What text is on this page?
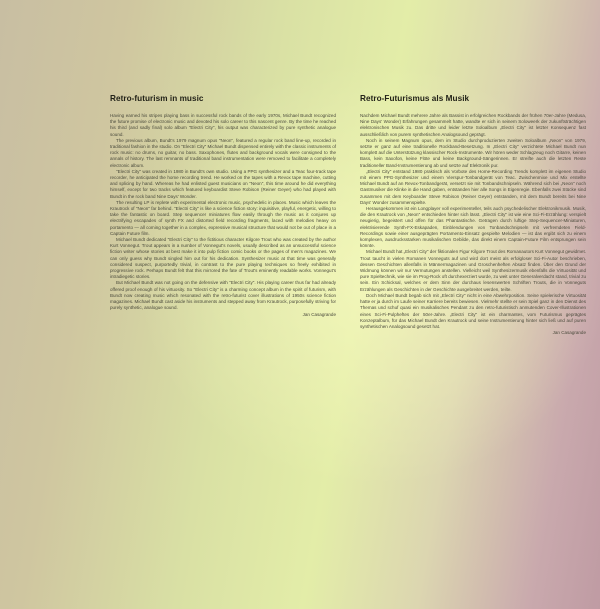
Retro-futurism in music

Having earned his stripes playing bass in successful rock bands of the early 1970s, Michael Bundt recognized the future promise of electronic music and devoted his solo career to this nascent genre. By the time he reached his third (and sadly final) solo album "Electri City", his output was characterized by pure synthetic analogue sound.

The previous album, Bundt's 1979 magnum opus "Neon", featured a regular rock band line-up, recorded in traditional fashion in the studio. On "Electri City" Michael Bundt dispensed entirely with the classic instruments of rock music: no drums, no guitar, no bass. Saxophones, flutes and background vocals were consigned to the annals of history. The last remnants of traditional band instrumentation were removed to facilitate a completely electronic album.

"Electri City" was created in 1980 in Bundt's own studio. Using a PPG synthesizer and a Teac four-track tape recorder, he anticipated the home recording trend. He worked on the tapes with a Revox tape machine, cutting and splicing by hand. Whereas he had enlisted guest musicians on "Neon", this time around he did everything himself, except for two tracks which featured keyboardist Steve Robison (Reiner Geyer) who had played with Bundt in the rock band Nine Days' Wonder.

The resulting LP is replete with experimental electronic music, psychedelic in places. Music which leaves the Krautrock of "Neon" far behind. "Electri City" is like a science fiction story: inquisitive, playful, energetic, willing to take the fantastic on board. Step sequencer miniatures flow easily through the music as it conjures up electrifying escapades of synth FX and distorted field recording fragments, laced with melodies heavy on portamento — all coming together in a complex, expressive musical structure that would not be out of place in a Captain Future film.

Michael Bundt dedicated "Electri City" to the fictitious character Kilgore Trout who was created by the author Kurt Vonnegut. Trout appears in a number of Vonnegut's novels, usually described as an unsuccessful science fiction writer whose stories at best make it into pulp fiction comic books or the pages of men's magazines. We can only guess why Bundt singled him out for his dedication. Synthesizer music at that time was generally considered suspect, purportedly trivial, in contrast to the pure playing techniques so freely exhibited in progressive rock. Perhaps Bundt felt that this mirrored the fate of Trout's eminently readable works. Vonnegut's intradiegetic stories.

But Michael Bundt was not going on the defensive with "Electri City". His playing career thus far had already offered proof enough of his virtuosity. So "Electri City" is a charming concept album in the spirit of futurism, with Bundt now creating music which resonated with the retro-futurist cover illustrations of 1950s science fiction magazines. Michael Bundt cast aside his instruments and stepped away from Krautrock, purposefully striving for purely synthetic, analogue sound.

Jan Casagrande
Retro-Futurismus als Musik

Nachdem Michael Bundt mehrere Jahre als Bassist in erfolgreichen Rockbands der frühen 70er-Jahre (Medusa, Nine Days' Wonder) Erfahrungen gesammelt hatte, wandte er sich in seinem Soloweerk der zukunftsträchtigen elektronischen Musik zu. Das dritte und leider letzte Soloalbum „Electri City" ist letzter Konsequenz fast ausschließlich von purem synthetischen Analogsound geprägt.

Noch in seinem Magnum opus, dem im Studio durchproduzierten zweiten Soloalbum „Neon" von 1979, setzte er ganz auf eine traditionelle Rockband-Besetzung. In „Electri City" verzichtete Michael Bundt nun komplett auf die Unterstützung klassischer Rock-Instrumente. Wir hören weder Schlagzeug noch Gitarre, keinen Bass, kein Saxofon, keine Flöte und keine Background-Sängerinnen. Er streifte auch die letzten Reste traditioneller Band-Instrumentierung ab und setzte auf Elektronik pur.

„Electri City" entstand 1980 praktisch als Vorbote des Home-Recording Trends komplett im eigenen Studio mit einem PPG-Synthesizer und einem Vierspur-Tonbandgerät von Teac. Zwischenmixe und Mix erstellte Michael Bundt auf an Revox-Tonbandgerät, versetzt sie mit Tonbandschnipseln. Während sich bei „Neon" noch Gastmusiker die Klinke in die Hand gaben, entstanden hier alle Songs in Eigenregie. Ebenfalls zwei Stücke sind zusammen mit dem Keyboarder Steve Robison (Reiner Geyer) entstanden, mit dem Bundt bereits bei Nine Days' Wonder zusammenspielte.

Herausgekommen ist ein Longplayer voll experimenteller, teils auch psychedelischer Elektronikmusik. Musik, die den Krautrock von „Neon" entschieden hinter sich lässt. „Electri City" ist wie eine Sci-Fi-Erzählung: verspielt neugierig, begeistert und offen für das Phantastische. Getragen durch luftige Step-Sequencer-Miniaturen, elektrisierende Synth-FX-Eskapaden, Einblendungen von Tonbandschnipseln mit verfremdeten Field-Recordings sowie einer ausgeprägten Portamento-Einsatz gespielte Melodien — ist das ergibt sich zu einem komplexen, ausdrucksstarken musikalischen Gebilde, das direkt einem Captain-Future Film entsprungen sein könnte.

Michael Bundt hat „Electri City" der fiktionalen Figur Kilgore Trout des Romanautors Kurt Vonnegut gewidmet. Trout taucht in vielen Romanen Vonneguts auf und wird dort meist als erfolgloser Sci-Fi-Autor beschrieben, dessen Geschichten allenfalls in Männermagazinen und Groschenheften Absatz finden. Über den Grund der Widmung können wir nur Vermutungen anstellen. Vielleicht weil Synthesizermusik ebenfalls die Virtuosität und pure Spieltechnik, wie sie im Prog-Rock oft durchexerziert wurde, zu weit unter Generalverdacht stand, trivial zu sein. Ein Schicksal, welches er dem Sinn der durchaus lesenswerten Schriften Trouts, die in Vonneguts Erzählungen als Geschichten in der Geschichte ausgebreitet werden, teilte.

Doch Michael Bundt begab sich mit „Electri City" nicht in eine Abwehrposition. Seine spielerische Virtuosität hatte er ja durch im Laufe seiner Karriere bereits bewiesen. Vielmehr stellte er sein Spiel ganz in den Dienst des Themas und schuf quasi ein musikalisches Pendant zu den retro-futuristisch anmutenden Cover-Illustrationen eines Sci-Fi-Pulpheftes der 50er-Jahre. „Electri City" ist ein charmantes, vom Futurismus geprägtes Konzeptalbum, für das Michael Bundt den Krautrock und seine Instrumentierung hinter sich ließ und auf puren synthetischen Analogsound gesetzt hat.

Jan Casagrande
